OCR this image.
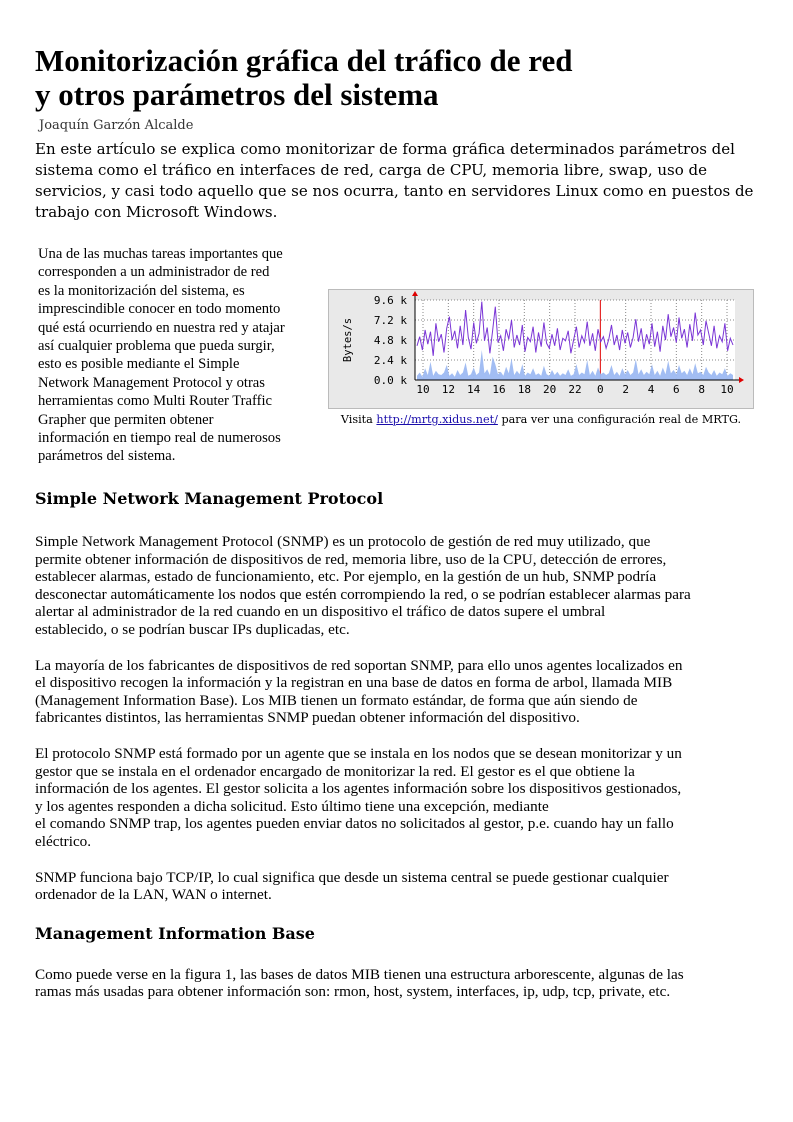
Monitorización gráfica del tráfico de red
y otros parámetros del sistema
Joaquín Garzón Alcalde
En este artículo se explica como monitorizar de forma gráfica determinados parámetros del sistema como el tráfico en interfaces de red, carga de CPU, memoria libre, swap, uso de servicios, y casi todo aquello que se nos ocurra, tanto en servidores Linux como en puestos de trabajo con Microsoft Windows.
Una de las muchas tareas importantes que
corresponden a un administrador de red
es la monitorización del sistema, es
imprescindible conocer en todo momento
qué está ocurriendo en nuestra red y atajar
así cualquier problema que pueda surgir,
esto es posible mediante el Simple
Network Management Protocol y otras
herramientas como Multi Router Traffic
Grapher que permiten obtener
información en tiempo real de numerosos
parámetros del sistema.
0.0 k
2.4 k
4.8 k
7.2 k
9.6 k
10 12 14 16 18 20 22 0 2 4 6 8 10
Bytes/s
Visita http://mrtg.xidus.net/ para ver una configuración real de MRTG.
Simple Network Management Protocol

Simple Network Management Protocol (SNMP) es un protocolo de gestión de red muy utilizado, que
permite obtener información de dispositivos de red, memoria libre, uso de la CPU, detección de errores,
establecer alarmas, estado de funcionamiento, etc. Por ejemplo, en la gestión de un hub, SNMP podría
desconectar automáticamente los nodos que estén corrompiendo la red, o se podrían establecer alarmas para
alertar al administrador de la red cuando en un dispositivo el tráfico de datos supere el umbral
establecido, o se podrían buscar IPs duplicadas, etc.

La mayoría de los fabricantes de dispositivos de red soportan SNMP, para ello unos agentes localizados en
el dispositivo recogen la información y la registran en una base de datos en forma de arbol, llamada MIB
(Management Information Base). Los MIB tienen un formato estándar, de forma que aún siendo de
fabricantes distintos, las herramientas SNMP puedan obtener información del dispositivo.

El protocolo SNMP está formado por un agente que se instala en los nodos que se desean monitorizar y un
gestor que se instala en el ordenador encargado de monitorizar la red. El gestor es el que obtiene la
información de los agentes. El gestor solicita a los agentes información sobre los dispositivos gestionados,
y los agentes responden a dicha solicitud. Esto último tiene una excepción, mediante
el comando SNMP trap, los agentes pueden enviar datos no solicitados al gestor, p.e. cuando hay un fallo
eléctrico.

SNMP funciona bajo TCP/IP, lo cual significa que desde un sistema central se puede gestionar cualquier
ordenador de la LAN, WAN o internet.

Management Information Base

Como puede verse en la figura 1, las bases de datos MIB tienen una estructura arborescente, algunas de las
ramas más usadas para obtener información son: rmon, host, system, interfaces, ip, udp, tcp, private, etc.
